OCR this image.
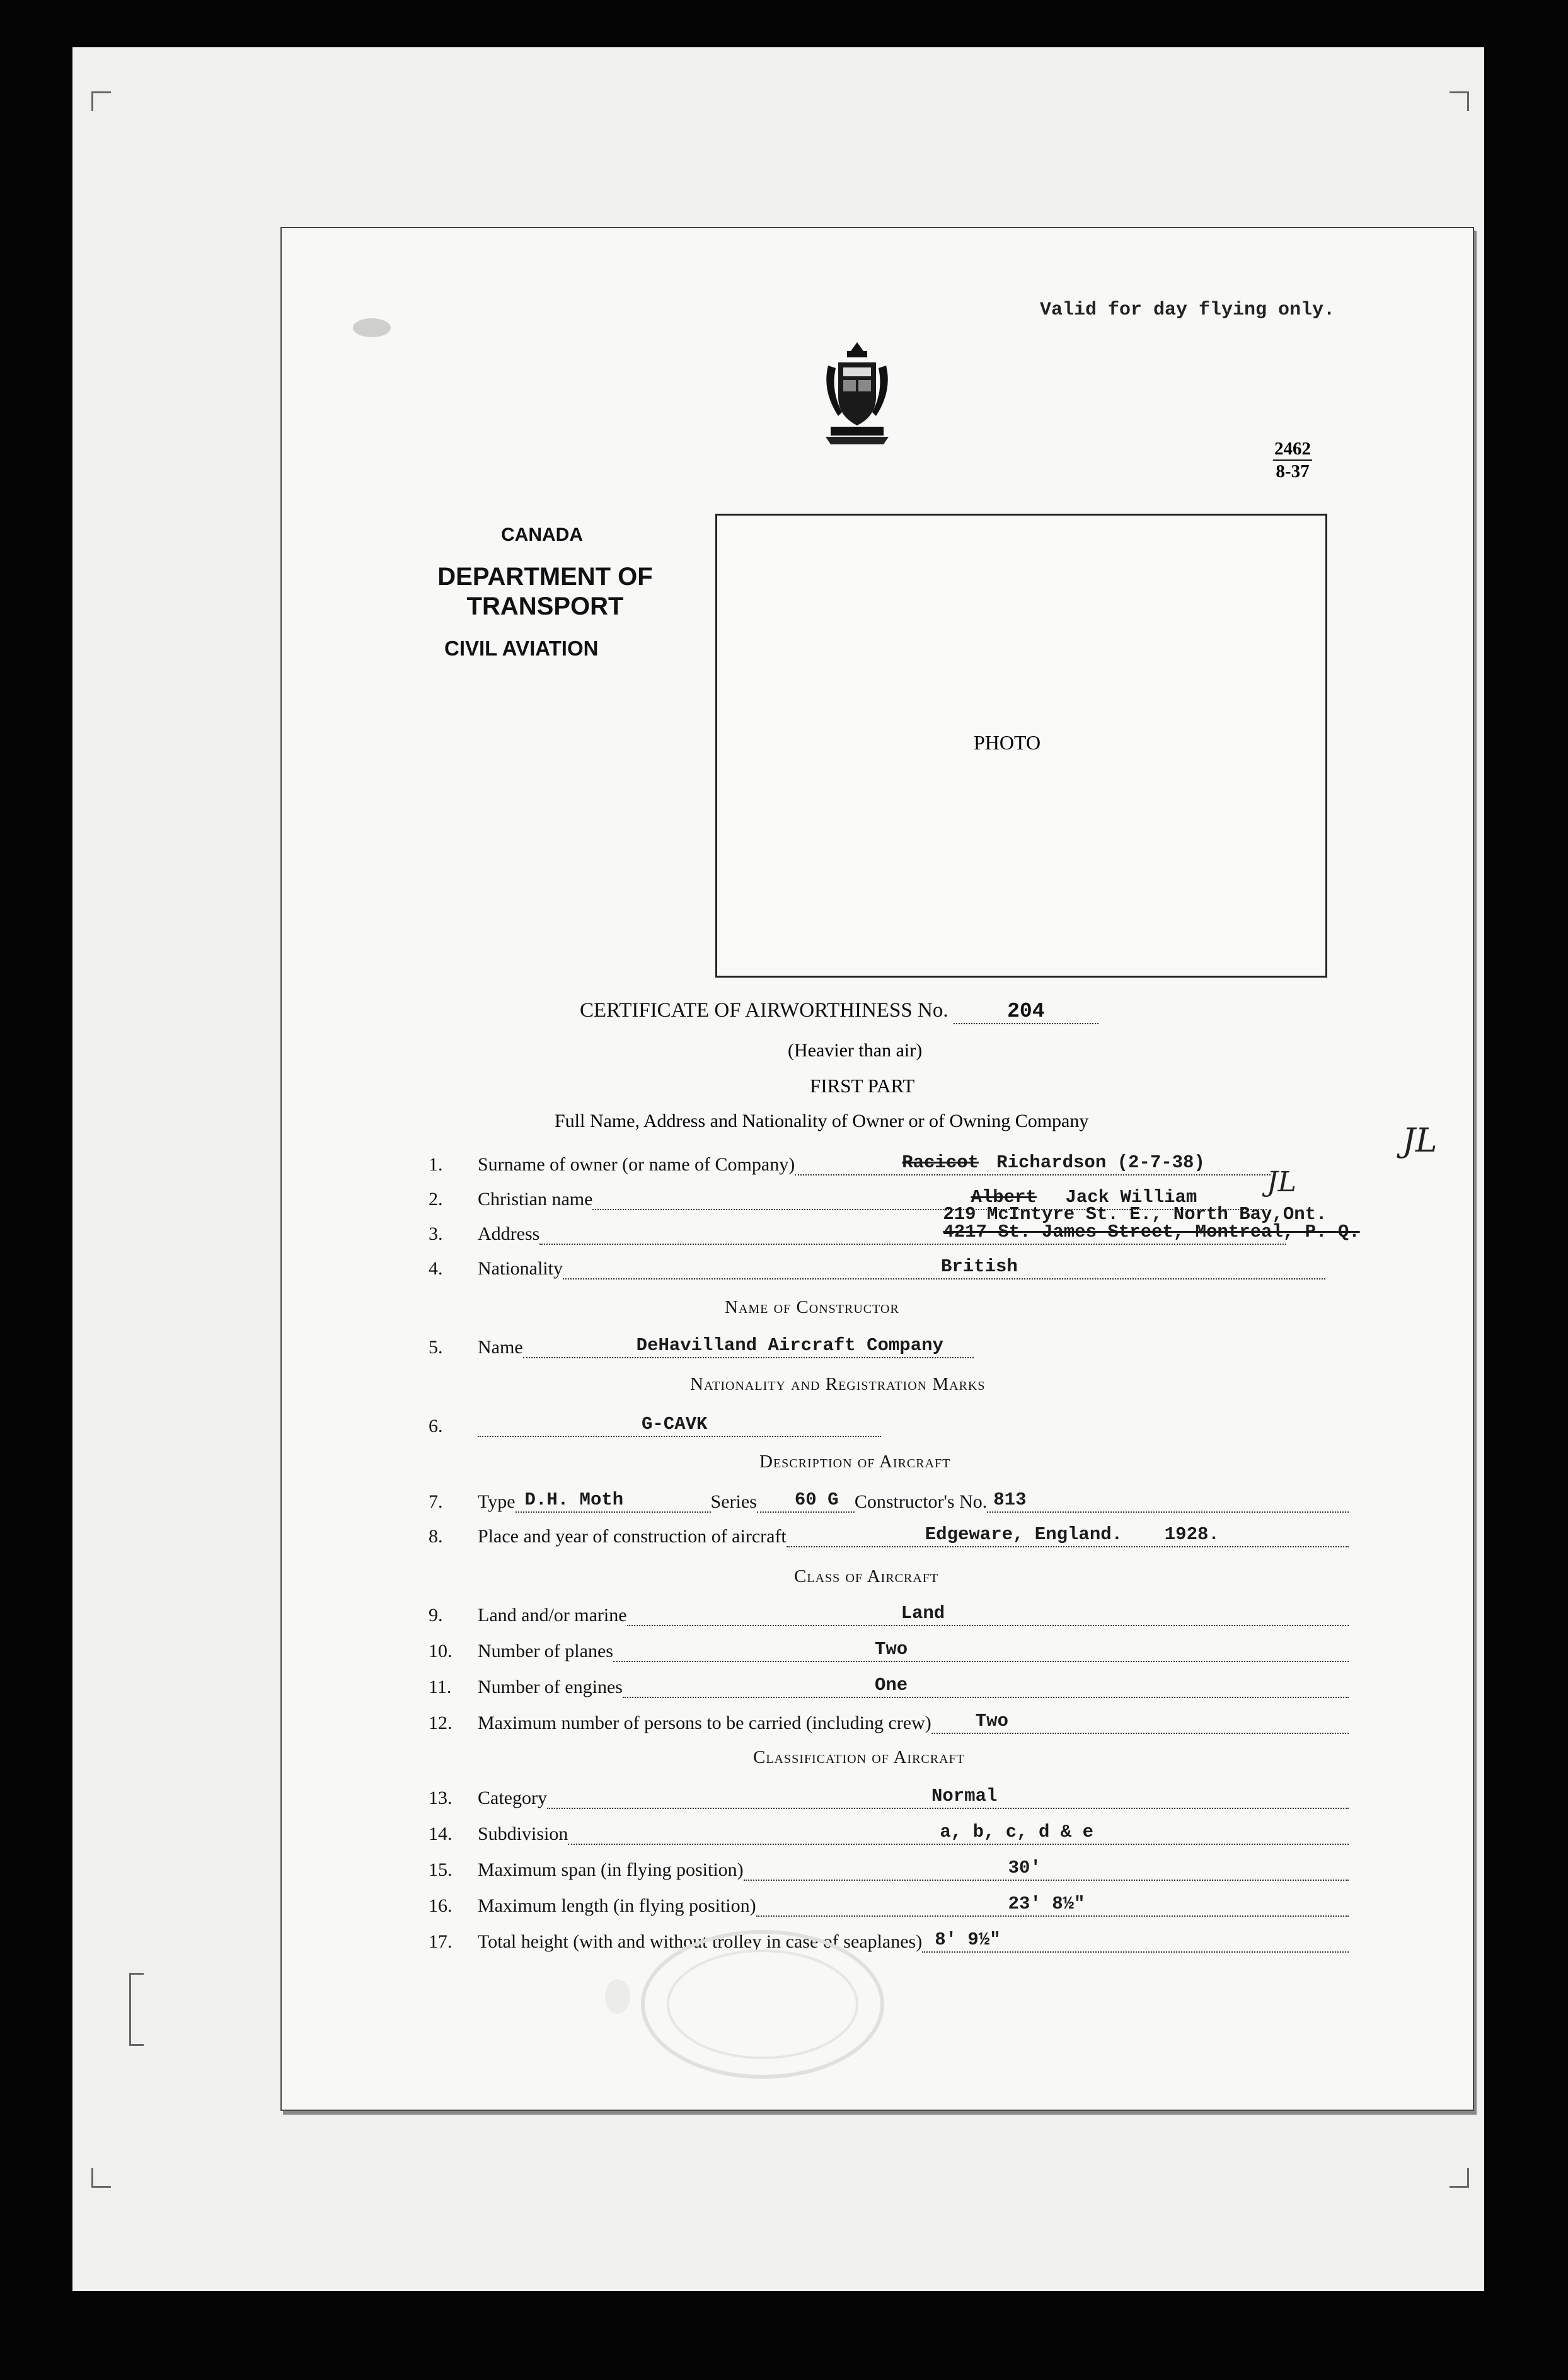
Valid for day flying only.
2462
8-37
CANADA
DEPARTMENT OF
TRANSPORT
CIVIL AVIATION
PHOTO
CERTIFICATE OF AIRWORTHINESS No.	204
(Heavier than air)
FIRST PART
Full Name, Address and Nationality of Owner or of Owning Company
1.	Surname of owner (or name of Company)	Racicot Richardson (2-7-38)
JL
2.	Christian name	Albert Jack William	JL
3.	Address
219 McIntyre St. E., North Bay,Ont.
4217 St. James Street, Montreal, P. Q.
4.	Nationality	British
Name of Constructor
5.	Name	DeHavilland Aircraft Company
Nationality and Registration Marks
6.	G-CAVK
Description of Aircraft
7.	Type D.H. Moth	Series 60 G Constructor's No. 813
8.	Place and year of construction of aircraft	Edgeware, England. 1928.
Class of Aircraft
9.	Land and/or marine	Land
10.	Number of planes	Two
11.	Number of engines	One
12.	Maximum number of persons to be carried (including crew) Two
Classification of Aircraft
13.	Category	Normal
14.	Subdivision	a, b, c, d & e
15.	Maximum span (in flying position)	30'
16.	Maximum length (in flying position)	23' 8½"
17.	Total height (with and without trolley in case of seaplanes) 8' 9½"
